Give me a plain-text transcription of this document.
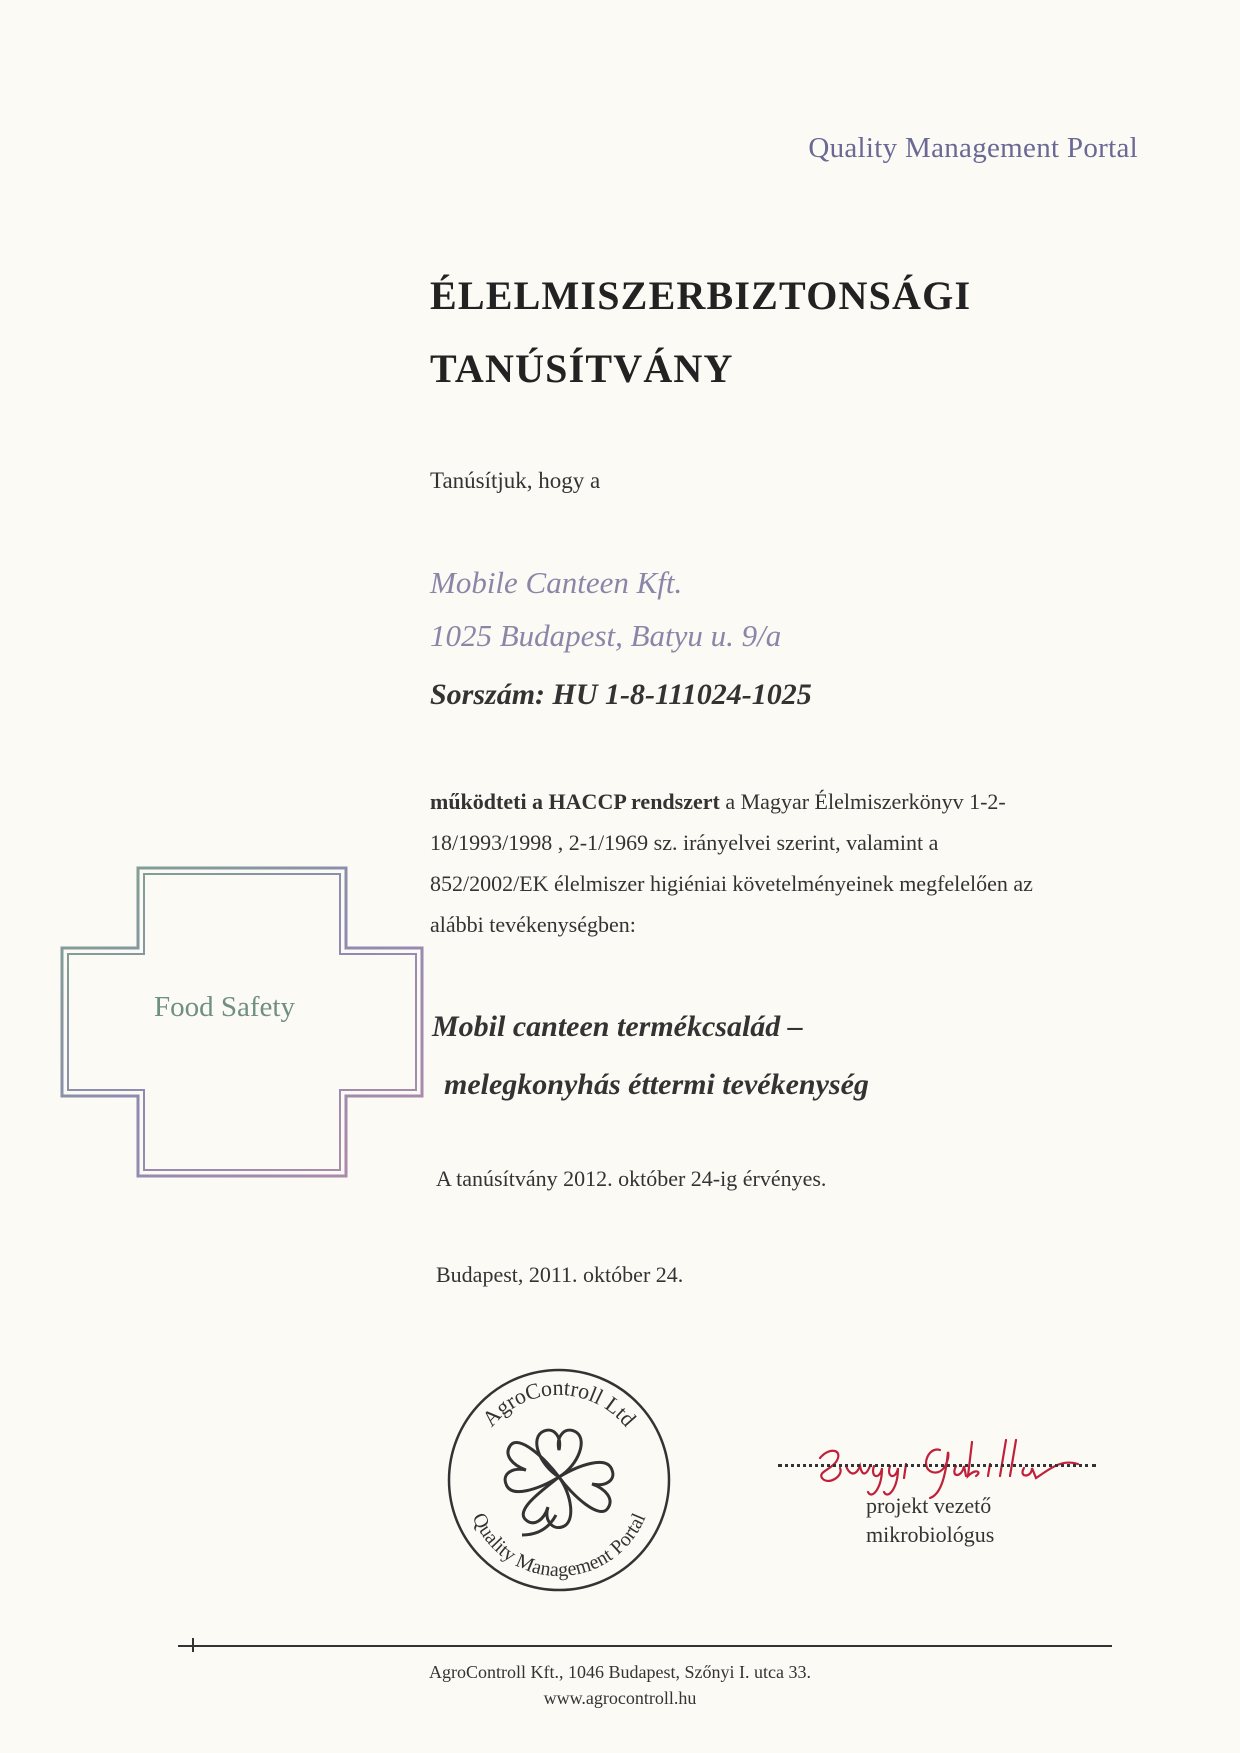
Quality Management Portal
ÉLELMISZERBIZTONSÁGI
TANÚSÍTVÁNY
Tanúsítjuk, hogy a
Mobile Canteen Kft.
1025 Budapest, Batyu u. 9/a
Sorszám: HU 1-8-111024-1025
működteti a HACCP rendszert a Magyar Élelmiszerkönyv 1-2-
18/1993/1998 , 2-1/1969 sz. irányelvei szerint, valamint a
852/2002/EK élelmiszer higiéniai követelményeinek megfelelően az
alábbi tevékenységben:
Food Safety
Mobil canteen termékcsalád –
melegkonyhás éttermi tevékenység
A tanúsítvány 2012. október 24-ig érvényes.
Budapest, 2011. október 24.
AgroControll Ltd
Quality Management Portal	projekt vezető
mikrobiológus
AgroControll Kft., 1046 Budapest, Szőnyi I. utca 33.
www.agrocontroll.hu
